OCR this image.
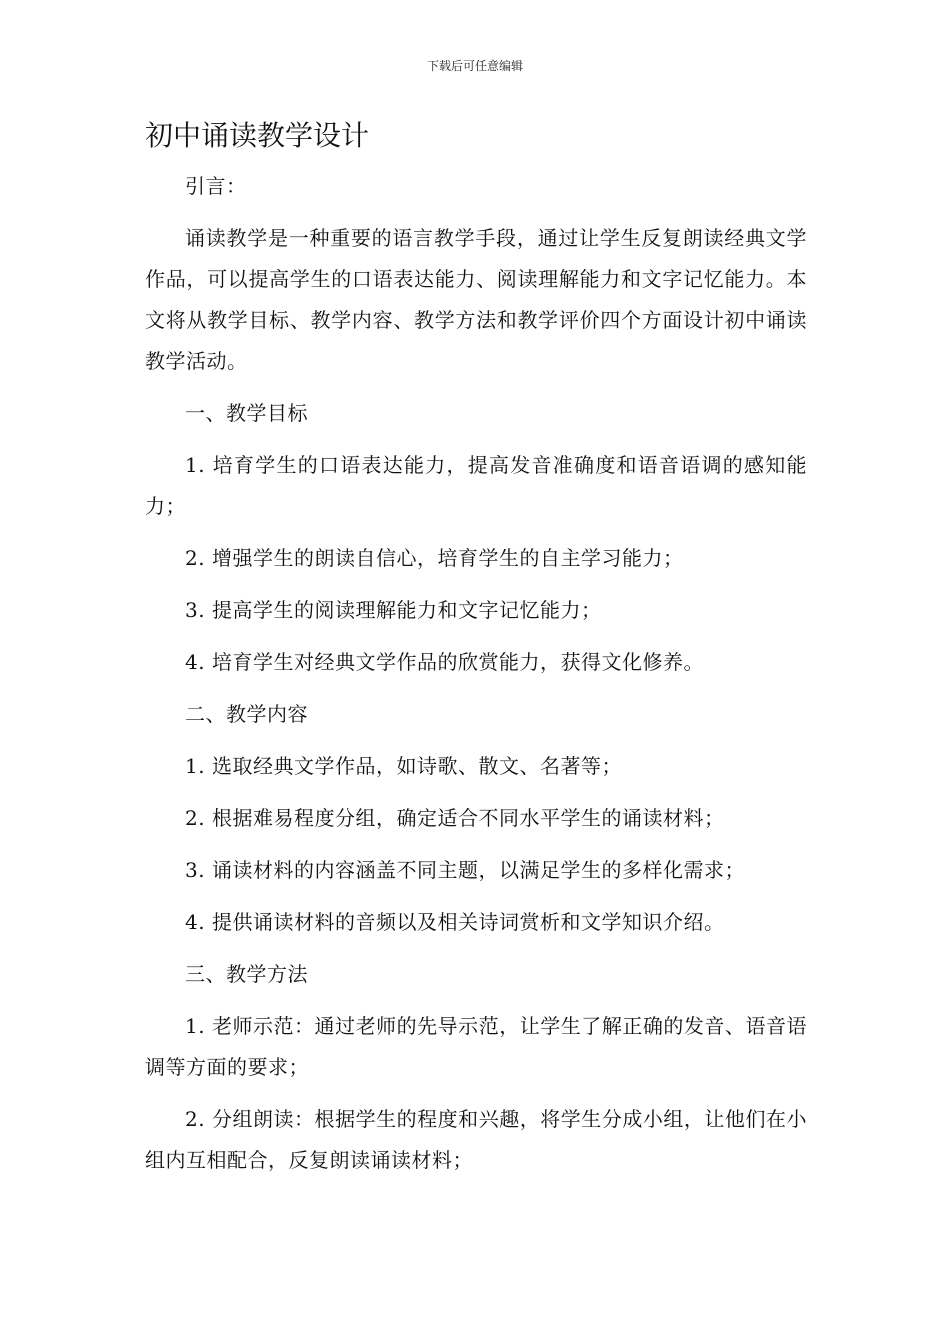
下载后可任意编辑
初中诵读教学设计

引言：

诵读教学是一种重要的语言教学手段，通过让学生反复朗读经典文学作品，可以提高学生的口语表达能力、阅读理解能力和文字记忆能力。本文将从教学目标、教学内容、教学方法和教学评价四个方面设计初中诵读教学活动。

一、教学目标

1. 培育学生的口语表达能力，提高发音准确度和语音语调的感知能力；

2. 增强学生的朗读自信心，培育学生的自主学习能力；

3. 提高学生的阅读理解能力和文字记忆能力；

4. 培育学生对经典文学作品的欣赏能力，获得文化修养。

二、教学内容

1. 选取经典文学作品，如诗歌、散文、名著等；

2. 根据难易程度分组，确定适合不同水平学生的诵读材料；

3. 诵读材料的内容涵盖不同主题，以满足学生的多样化需求；

4. 提供诵读材料的音频以及相关诗词赏析和文学知识介绍。

三、教学方法

1. 老师示范：通过老师的先导示范，让学生了解正确的发音、语音语调等方面的要求；

2. 分组朗读：根据学生的程度和兴趣，将学生分成小组，让他们在小组内互相配合，反复朗读诵读材料；
